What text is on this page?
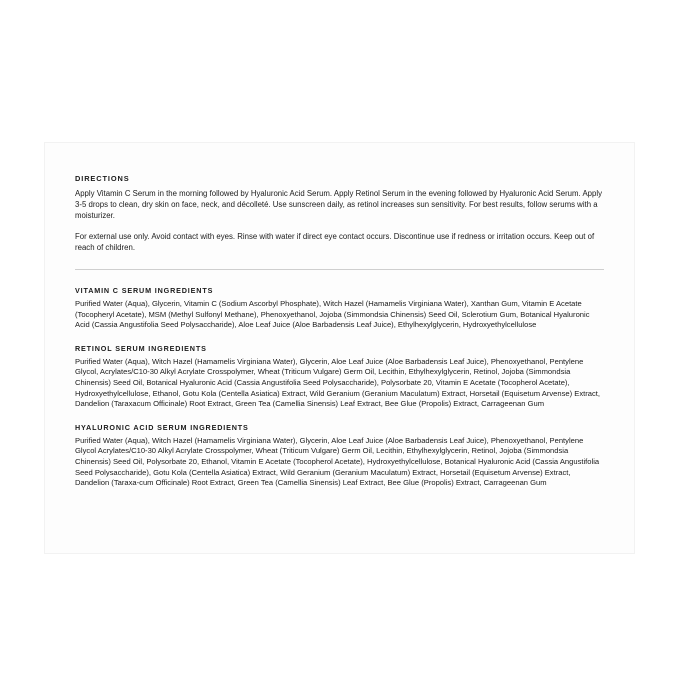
DIRECTIONS

Apply Vitamin C Serum in the morning followed by Hyaluronic Acid Serum. Apply Retinol Serum in the evening followed by Hyaluronic Acid Serum. Apply 3-5 drops to clean, dry skin on face, neck, and décolleté. Use sunscreen daily, as retinol increases sun sensitivity. For best results, follow serums with a moisturizer.

For external use only. Avoid contact with eyes. Rinse with water if direct eye contact occurs. Discontinue use if redness or irritation occurs. Keep out of reach of children.

VITAMIN C SERUM INGREDIENTS

Purified Water (Aqua), Glycerin, Vitamin C (Sodium Ascorbyl Phosphate), Witch Hazel (Hamamelis Virginiana Water), Xanthan Gum, Vitamin E Acetate (Tocopheryl Acetate), MSM (Methyl Sulfonyl Methane), Phenoxyethanol, Jojoba (Simmondsia Chinensis) Seed Oil, Sclerotium Gum, Botanical Hyaluronic Acid (Cassia Angustifolia Seed Polysaccharide), Aloe Leaf Juice (Aloe Barbadensis Leaf Juice), Ethylhexylglycerin, Hydroxyethylcellulose

RETINOL SERUM INGREDIENTS

Purified Water (Aqua), Witch Hazel (Hamamelis Virginiana Water), Glycerin, Aloe Leaf Juice (Aloe Barbadensis Leaf Juice), Phenoxyethanol, Pentylene Glycol, Acrylates/C10-30 Alkyl Acrylate Crosspolymer, Wheat (Triticum Vulgare) Germ Oil, Lecithin, Ethylhexylglycerin, Retinol, Jojoba (Simmondsia Chinensis) Seed Oil, Botanical Hyaluronic Acid (Cassia Angustifolia Seed Polysaccharide), Polysorbate 20, Vitamin E Acetate (Tocopherol Acetate), Hydroxyethylcellulose, Ethanol, Gotu Kola (Centella Asiatica) Extract, Wild Geranium (Geranium Maculatum) Extract, Horsetail (Equisetum Arvense) Extract, Dandelion (Taraxacum Officinale) Root Extract, Green Tea (Camellia Sinensis) Leaf Extract, Bee Glue (Propolis) Extract, Carrageenan Gum

HYALURONIC ACID SERUM INGREDIENTS

Purified Water (Aqua), Witch Hazel (Hamamelis Virginiana Water), Glycerin, Aloe Leaf Juice (Aloe Barbadensis Leaf Juice), Phenoxyethanol, Pentylene Glycol Acrylates/C10-30 Alkyl Acrylate Crosspolymer, Wheat (Triticum Vulgare) Germ Oil, Lecithin, Ethylhexylglycerin, Retinol, Jojoba (Simmondsia Chinensis) Seed Oil, Polysorbate 20, Ethanol, Vitamin E Acetate (Tocopherol Acetate), Hydroxyethylcellulose, Botanical Hyaluronic Acid (Cassia Angustifolia Seed Polysaccharide), Gotu Kola (Centella Asiatica) Extract, Wild Geranium (Geranium Maculatum) Extract, Horsetail (Equisetum Arvense) Extract, Dandelion (Taraxa-cum Officinale) Root Extract, Green Tea (Camellia Sinensis) Leaf Extract, Bee Glue (Propolis) Extract, Carrageenan Gum
